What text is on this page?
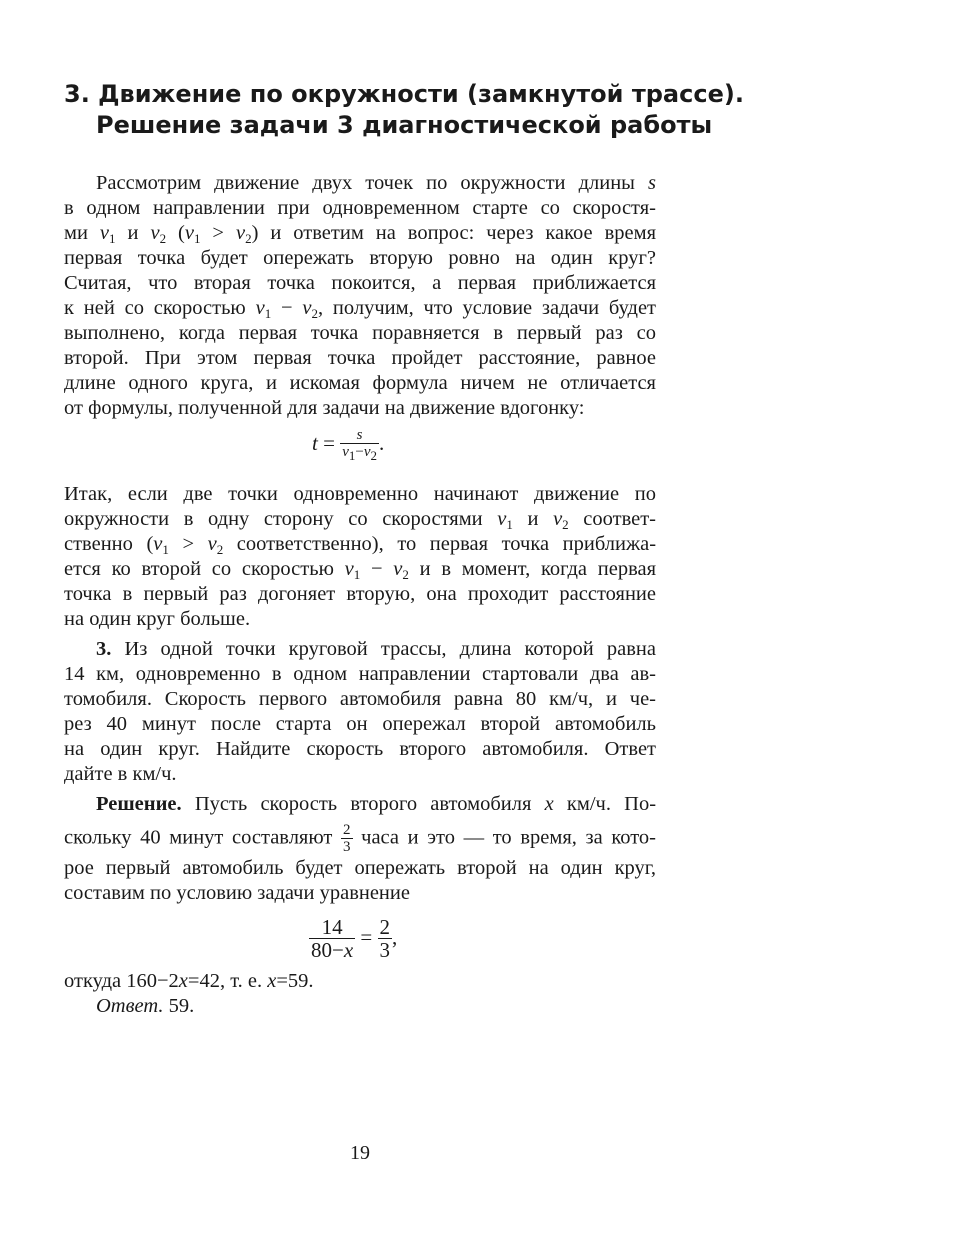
3. Движение по окружности (замкнутой трассе).
Решение задачи 3 диагностической работы
Рассмотрим движение двух точек по окружности длины s
в одном направлении при одновременном старте со скоростя-
ми $v_1$ и $v_2$ $(v_1 > v_2)$ и ответим на вопрос: через какое время
первая точка будет опережать вторую ровно на один круг?
Считая, что вторая точка покоится, а первая приближается
к ней со скоростью $v_1 - v_2$, получим, что условие задачи будет
выполнено, когда первая точка поравняется в первый раз со
второй. При этом первая точка пройдет расстояние, равное
длине одного круга, и искомая формула ничем не отличается
от формулы, полученной для задачи на движение вдогонку:
$t = \frac{s}{v1-v2}$ .
Итак, если две точки одновременно начинают движение по
окружности в одну сторону со скоростями $v_1$ и $v_2$ соответ-
ственно ($v_1 > v_2$ соответственно), то первая точка приближа-
ется ко второй со скоростью $v_1 - v_2$ и в момент, когда первая
точка в первый раз догоняет вторую, она проходит расстояние
на один круг больше.
3. Из одной точки круговой трассы, длина которой равна
14 км, одновременно в одном направлении стартовали два ав-
томобиля. Скорость первого автомобиля равна 80 км/ч, и че-
рез 40 минут после старта он опережал второй автомобиль
на один круг. Найдите скорость второго автомобиля. Ответ
дайте в км/ч.
Решение. Пусть скорость второго автомобиля x км/ч. По-
скольку 40 минут составляют $\frac{2}{3}$ часа и это — то время, за кото-
рое первый автомобиль будет опережать второй на один круг,
составим по условию задачи уравнение
$\frac{14}{80-x} = \frac{2}{3}$ ,
откуда 160−2x=42, т. е. x=59.
Ответ. 59.
19
